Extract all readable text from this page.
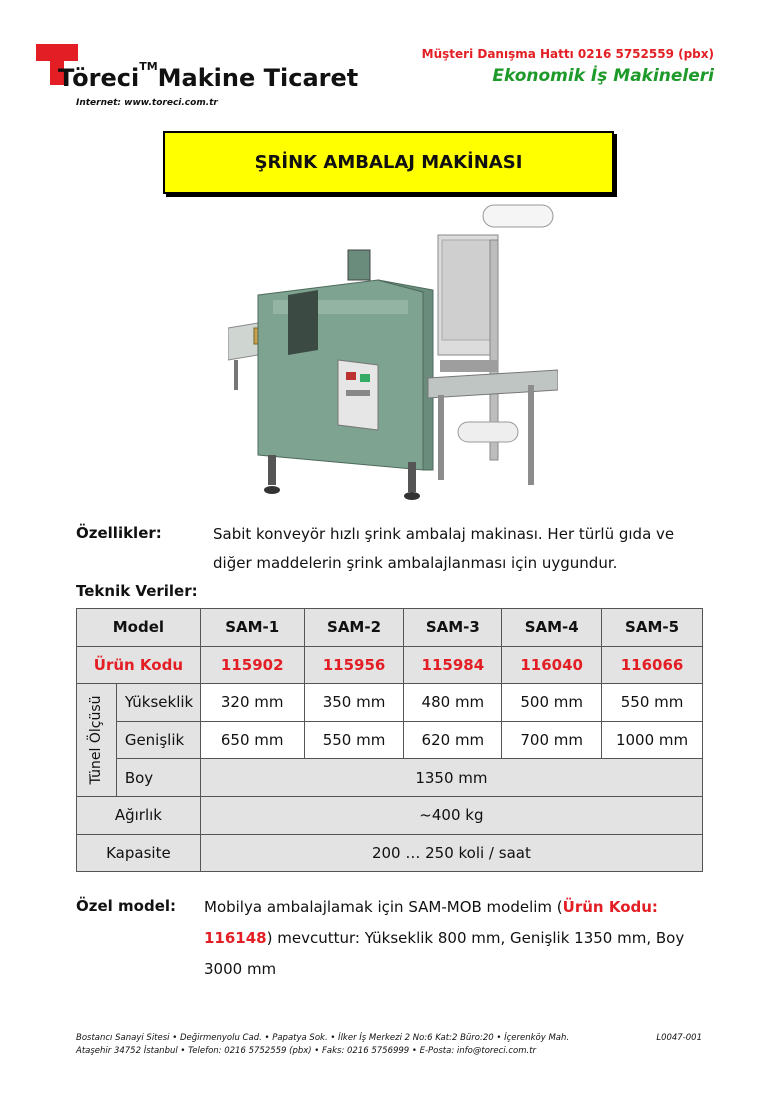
Töreci™Makine Ticaret
Internet: www.toreci.com.tr
Müşteri Danışma Hattı 0216 5752559 (pbx)
Ekonomik İş Makineleri
ŞRİNK AMBALAJ MAKİNASI
Özellikler:	Sabit konveyör hızlı şrink ambalaj makinası. Her türlü gıda ve diğer maddelerin şrink ambalajlanması için uygundur.
Teknik Veriler:
Model		SAM-1	SAM-2	SAM-3	SAM-4	SAM-5
Ürün Kodu		115902	115956	115984	116040	116066

Tünel Ölçüsü	Yükseklik	320 mm	350 mm	480 mm	500 mm	550 mm
	Genişlik	650 mm	550 mm	620 mm	700 mm	1000 mm
	Boy	1350 mm				
Ağırlık		~400 kg				
Kapasite		200 … 250 koli / saat				
Özel model: Mobilya ambalajlamak için SAM-MOB modelim (Ürün Kodu: 116148) mevcuttur: Yükseklik 800 mm, Genişlik 1350 mm, Boy 3000 mm
Bostancı Sanayi Sitesi • Değirmenyolu Cad. • Papatya Sok. • İlker İş Merkezi 2 No:6 Kat:2 Büro:20 • İçerenköy Mah.
Ataşehir 34752 İstanbul • Telefon: 0216 5752559 (pbx) • Faks: 0216 5756999 • E-Posta: info@toreci.com.tr
L0047-001
